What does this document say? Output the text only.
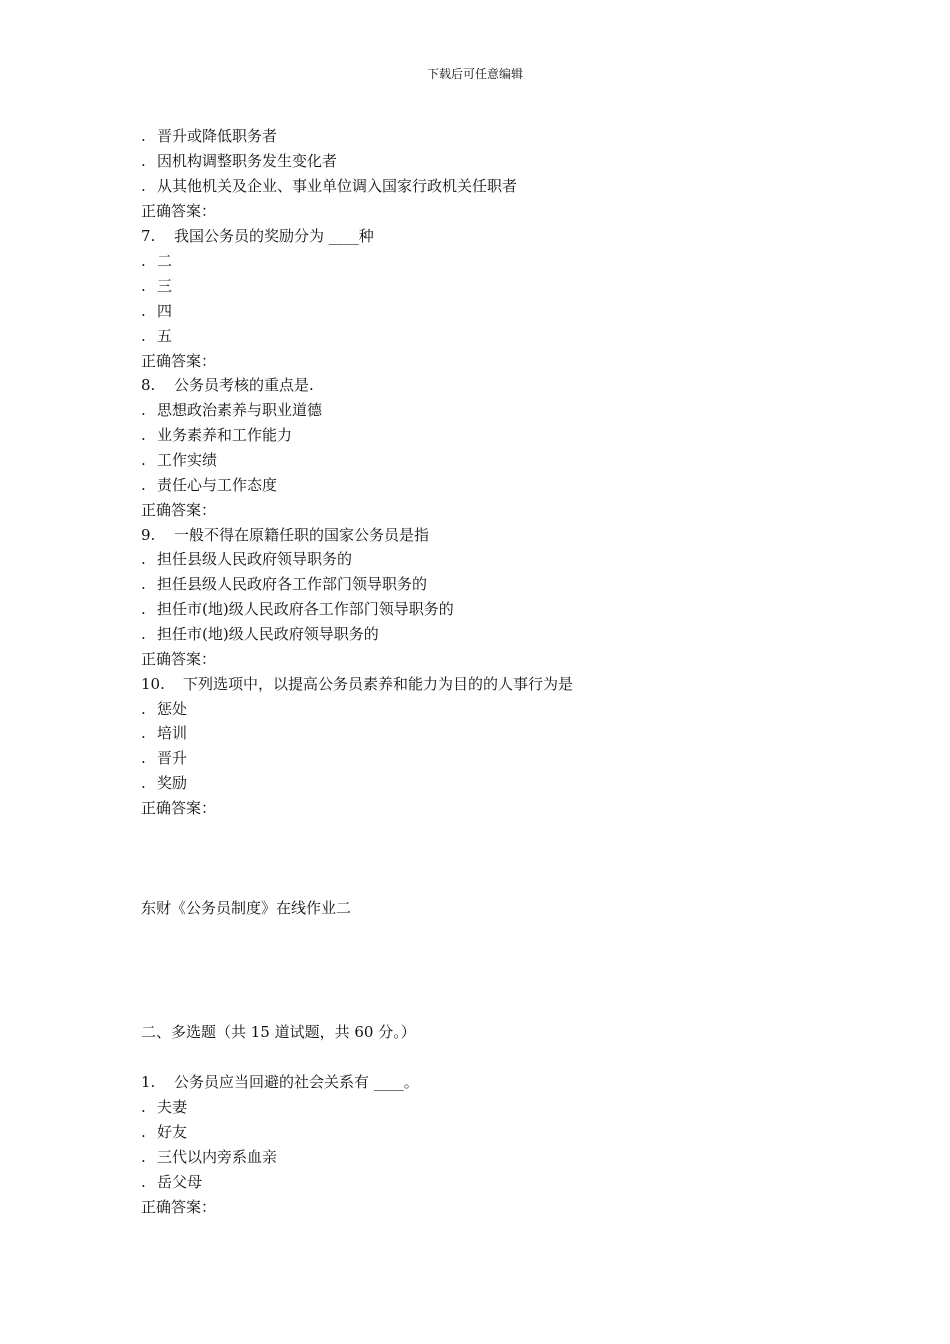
下载后可任意编辑
. 晋升或降低职务者
. 因机构调整职务发生变化者
. 从其他机关及企业、事业单位调入国家行政机关任职者
正确答案：
7. 我国公务员的奖励分为 ____种
. 二
. 三
. 四
. 五
正确答案：
8. 公务员考核的重点是.
. 思想政治素养与职业道德
. 业务素养和工作能力
. 工作实绩
. 责任心与工作态度
正确答案：
9. 一般不得在原籍任职的国家公务员是指
. 担任县级人民政府领导职务的
. 担任县级人民政府各工作部门领导职务的
. 担任市(地)级人民政府各工作部门领导职务的
. 担任市(地)级人民政府领导职务的
正确答案：
10. 下列选项中，以提高公务员素养和能力为目的的人事行为是
. 惩处
. 培训
. 晋升
. 奖励
正确答案：
东财《公务员制度》在线作业二
二、多选题（共 15 道试题，共 60 分。）
1. 公务员应当回避的社会关系有 ____。
. 夫妻
. 好友
. 三代以内旁系血亲
. 岳父母
正确答案：
